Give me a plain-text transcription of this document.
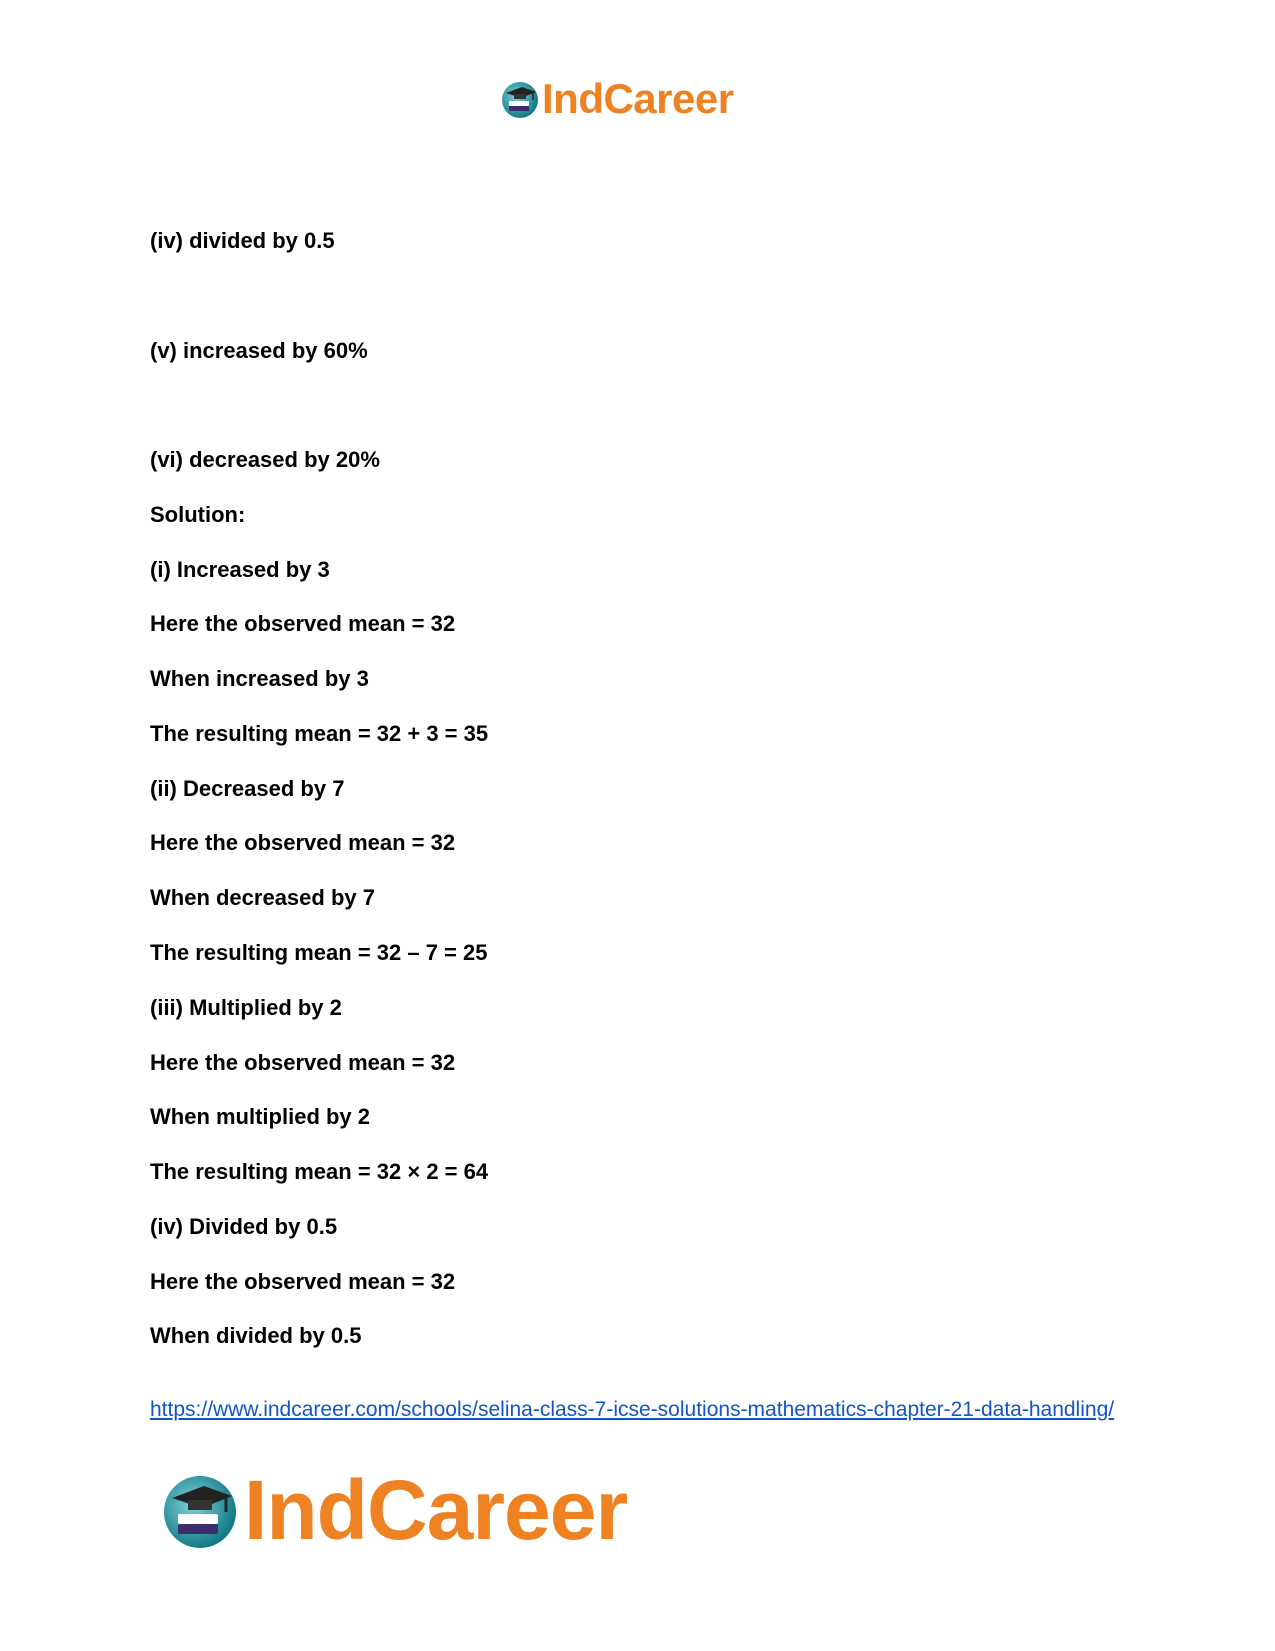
IndCareer
(iv) divided by 0.5
(v) increased by 60%
(vi) decreased by 20%
Solution:
(i) Increased by 3
Here the observed mean = 32
When increased by 3
The resulting mean = 32 + 3 = 35
(ii) Decreased by 7
Here the observed mean = 32
When decreased by 7
The resulting mean = 32 – 7 = 25
(iii) Multiplied by 2
Here the observed mean = 32
When multiplied by 2
The resulting mean = 32 × 2 = 64
(iv) Divided by 0.5
Here the observed mean = 32
When divided by 0.5
https://www.indcareer.com/schools/selina-class-7-icse-solutions-mathematics-chapter-21-data-handling/
IndCareer
